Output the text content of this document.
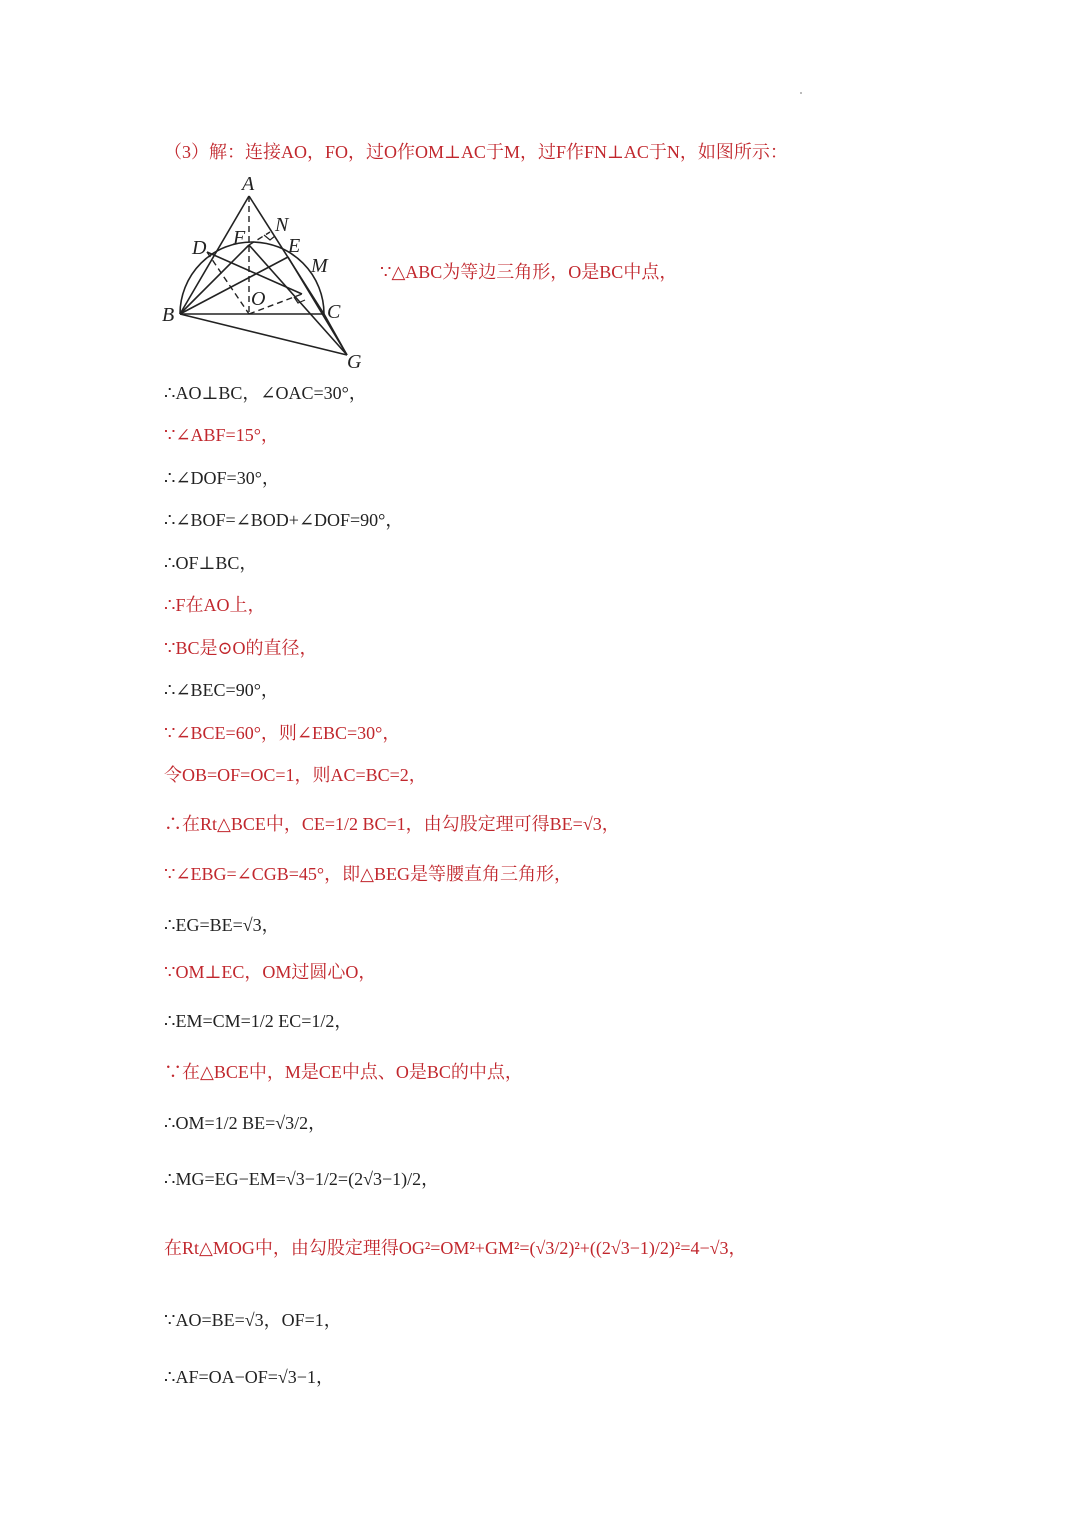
（3）解：连接AO，FO，过O作OM⊥AC于M，过F作FN⊥AC于N，如图所示：
A
N
D F E
M
O
B	C
G
∵△ABC为等边三角形，O是BC中点，
∴AO⊥BC，∠OAC=30°，
∵∠ABF=15°，
∴∠DOF=30°，
∴∠BOF=∠BOD+∠DOF=90°，
∴OF⊥BC，
∴F在AO上，
∵BC是⊙O的直径，
∴∠BEC=90°，
∵∠BCE=60°，则∠EBC=30°，
令OB=OF=OC=1，则AC=BC=2，
∴在Rt△BCE中，CE=1/2 BC=1，由勾股定理可得BE=√3，
∵∠EBG=∠CGB=45°，即△BEG是等腰直角三角形，
∴EG=BE=√3，
∵OM⊥EC，OM过圆心O，
∴EM=CM=1/2 EC=1/2，
∵在△BCE中，M是CE中点、O是BC的中点，
∴OM=1/2 BE=√3/2，
∴MG=EG−EM=√3−1/2=(2√3−1)/2，
在Rt△MOG中，由勾股定理得OG²=OM²+GM²=(√3/2)²+((2√3−1)/2)²=4−√3，
∵AO=BE=√3，OF=1，
∴AF=OA−OF=√3−1，
